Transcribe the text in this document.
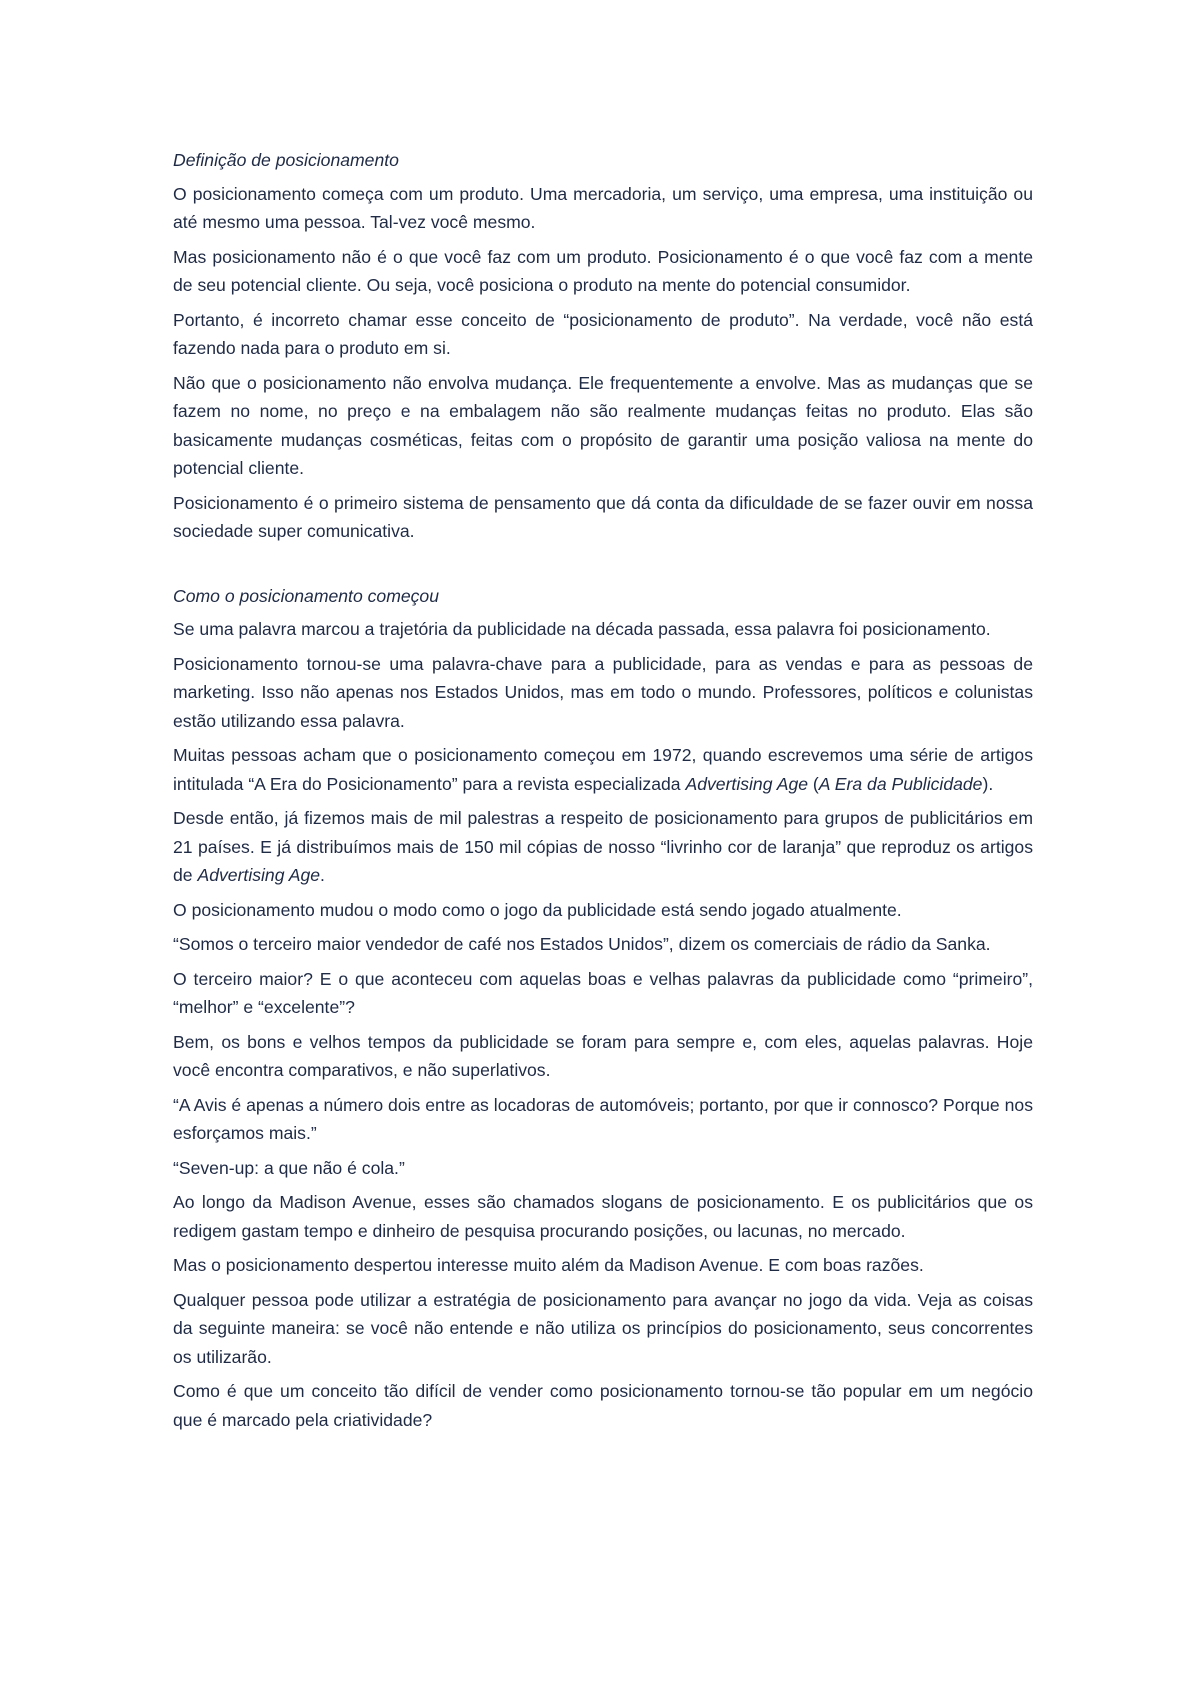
Definição de posicionamento

O posicionamento começa com um produto. Uma mercadoria, um serviço, uma empresa, uma instituição ou até mesmo uma pessoa. Tal-vez você mesmo.

Mas posicionamento não é o que você faz com um produto. Posicionamento é o que você faz com a mente de seu potencial cliente. Ou seja, você posiciona o produto na mente do potencial consumidor.

Portanto, é incorreto chamar esse conceito de “posicionamento de produto”. Na verdade, você não está fazendo nada para o produto em si.

Não que o posicionamento não envolva mudança. Ele frequentemente a envolve. Mas as mudanças que se fazem no nome, no preço e na embalagem não são realmente mudanças feitas no produto. Elas são basicamente mudanças cosméticas, feitas com o propósito de garantir uma posição valiosa na mente do potencial cliente.

Posicionamento é o primeiro sistema de pensamento que dá conta da dificuldade de se fazer ouvir em nossa sociedade super comunicativa.

Como o posicionamento começou

Se uma palavra marcou a trajetória da publicidade na década passada, essa palavra foi posicionamento.

Posicionamento tornou-se uma palavra-chave para a publicidade, para as vendas e para as pessoas de marketing. Isso não apenas nos Estados Unidos, mas em todo o mundo. Professores, políticos e colunistas estão utilizando essa palavra.

Muitas pessoas acham que o posicionamento começou em 1972, quando escrevemos uma série de artigos intitulada “A Era do Posicionamento” para a revista especializada Advertising Age (A Era da Publicidade).

Desde então, já fizemos mais de mil palestras a respeito de posicionamento para grupos de publicitários em 21 países. E já distribuímos mais de 150 mil cópias de nosso “livrinho cor de laranja” que reproduz os artigos de Advertising Age.

O posicionamento mudou o modo como o jogo da publicidade está sendo jogado atualmente.

“Somos o terceiro maior vendedor de café nos Estados Unidos”, dizem os comerciais de rádio da Sanka.

O terceiro maior? E o que aconteceu com aquelas boas e velhas palavras da publicidade como “primeiro”, “melhor” e “excelente”?

Bem, os bons e velhos tempos da publicidade se foram para sempre e, com eles, aquelas palavras. Hoje você encontra comparativos, e não superlativos.

“A Avis é apenas a número dois entre as locadoras de automóveis; portanto, por que ir connosco? Porque nos esforçamos mais.”

“Seven-up: a que não é cola.”

Ao longo da Madison Avenue, esses são chamados slogans de posicionamento. E os publicitários que os redigem gastam tempo e dinheiro de pesquisa procurando posições, ou lacunas, no mercado.

Mas o posicionamento despertou interesse muito além da Madison Avenue. E com boas razões.

Qualquer pessoa pode utilizar a estratégia de posicionamento para avançar no jogo da vida. Veja as coisas da seguinte maneira: se você não entende e não utiliza os princípios do posicionamento, seus concorrentes os utilizarão.

Como é que um conceito tão difícil de vender como posicionamento tornou-se tão popular em um negócio que é marcado pela criatividade?
